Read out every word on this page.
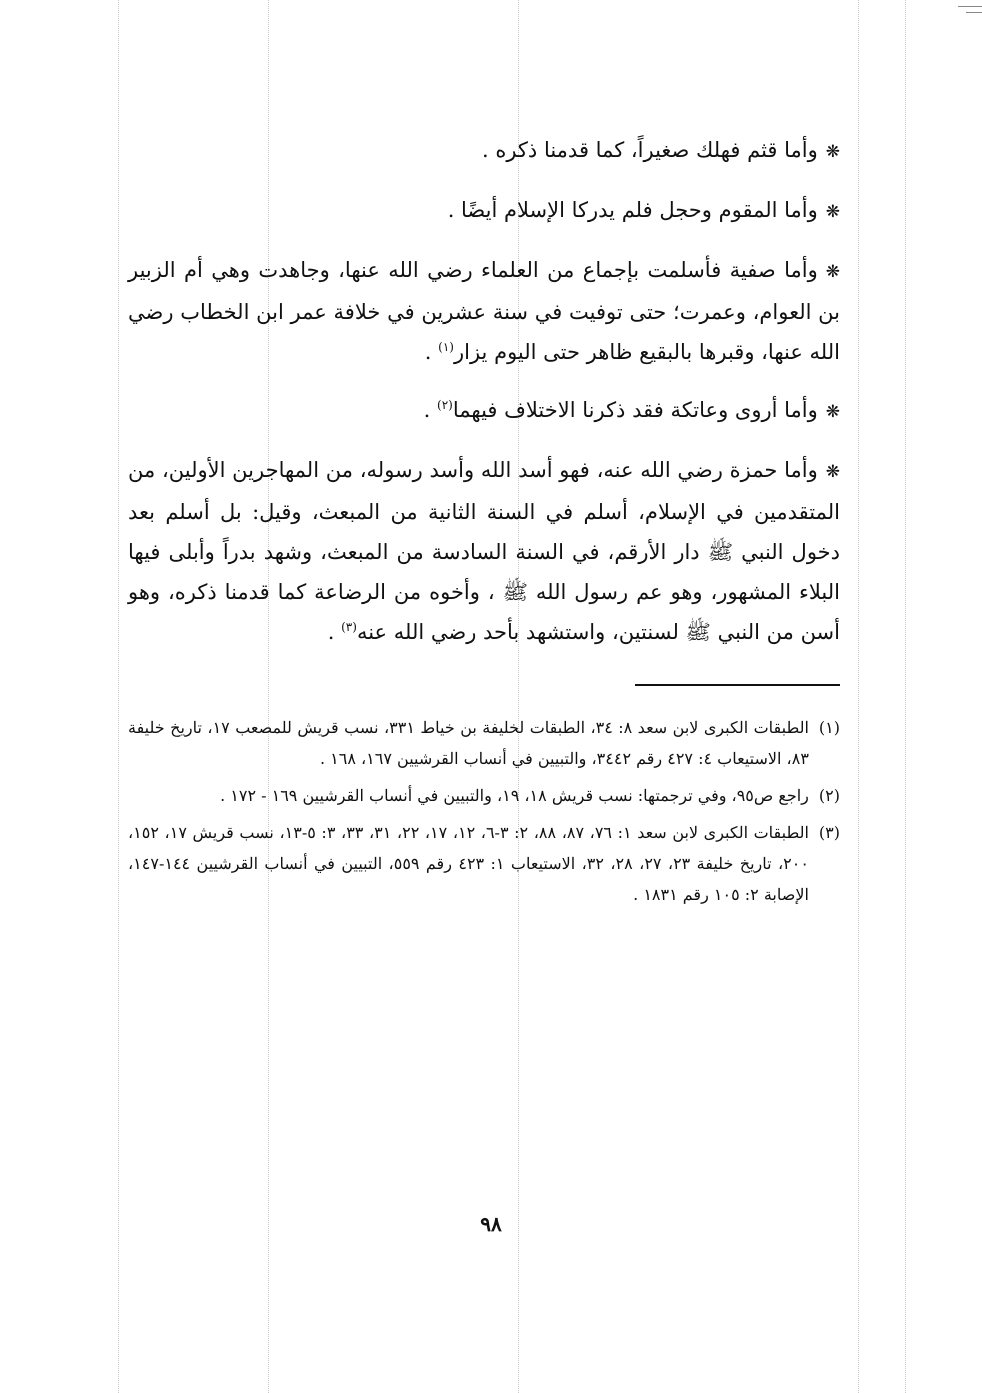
❋وأما قثم فهلك صغيراً، كما قدمنا ذكره .

❋وأما المقوم وحجل فلم يدركا الإسلام أيضًا .

❋وأما صفية فأسلمت بإجماع من العلماء رضي الله عنها، وجاهدت وهي أم الزبير بن العوام، وعمرت؛ حتى توفيت في سنة عشرين في خلافة عمر ابن الخطاب رضي الله عنها، وقبرها بالبقيع ظاهر حتى اليوم يزار$^{(١)}$ .

❋وأما أروى وعاتكة فقد ذكرنا الاختلاف فيهما$^{(٢)}$ .

❋وأما حمزة رضي الله عنه، فهو أسد الله وأسد رسوله، من المهاجرين الأولين، من المتقدمين في الإسلام، أسلم في السنة الثانية من المبعث، وقيل: بل أسلم بعد دخول النبي ﷺ دار الأرقم، في السنة السادسة من المبعث، وشهد بدراً وأبلى فيها البلاء المشهور، وهو عم رسول الله ﷺ ، وأخوه من الرضاعة كما قدمنا ذكره، وهو أسن من النبي ﷺ لسنتين، واستشهد بأحد رضي الله عنه$^{(٣)}$ .

(١)
الطبقات الكبرى لابن سعد ٨: ٣٤، الطبقات لخليفة بن خياط ٣٣١، نسب قريش للمصعب ١٧، تاريخ خليفة ٨٣، الاستيعاب ٤: ٤٢٧ رقم ٣٤٤٢، والتبيين في أنساب القرشيين ١٦٧، ١٦٨ .
(٢)
راجع ص٩٥، وفي ترجمتها: نسب قريش ١٨، ١٩، والتبيين في أنساب القرشيين ١٦٩ - ١٧٢ .
(٣)
الطبقات الكبرى لابن سعد ١: ٧٦، ٨٧، ٨٨، ٢: ٣-٦، ١٢، ١٧، ٢٢، ٣١، ٣٣، ٣: ٥-١٣، نسب قريش ١٧، ١٥٢، ٢٠٠، تاريخ خليفة ٢٣، ٢٧، ٢٨، ٣٢، الاستيعاب ١: ٤٢٣ رقم ٥٥٩، التبيين في أنساب القرشيين ١٤٤-١٤٧، الإصابة ٢: ١٠٥ رقم ١٨٣١ .
٩٨
